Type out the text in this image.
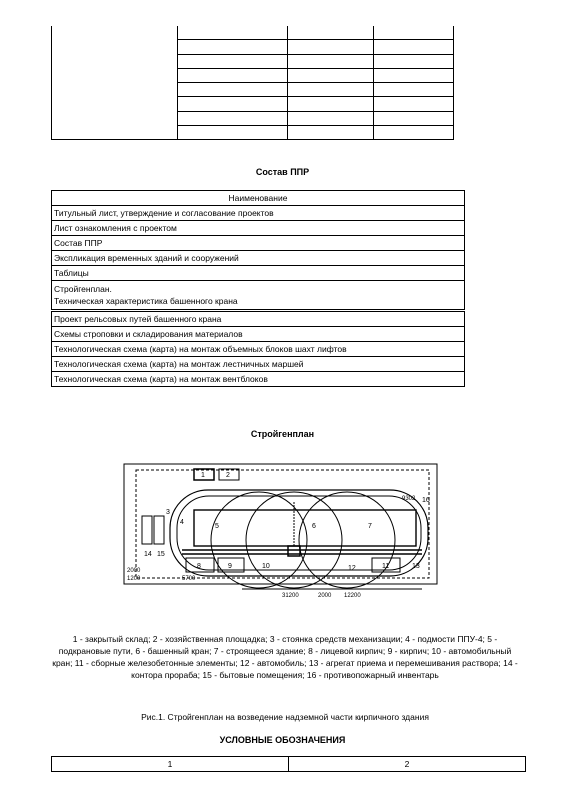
Состав ППР
Наименование
Титульный лист, утверждение и согласование проектов
Лист ознакомления с проектом
Состав ППР
Экспликация временных зданий и сооружений
Таблицы
Стройгенплан.
Техническая характеристика башенного крана
Проект рельсовых путей башенного крана
Схемы строповки и складирования материалов
Технологическая схема (карта) на монтаж объемных блоков шахт лифтов
Технологическая схема (карта) на монтаж лестничных маршей
Технологическая схема (карта) на монтаж вентблоков
Стройгенплан
1	2
3
4
5	6	7
8	9	10	11
12	13
14 15
16
31200	2000 12200
9302
5700
1200
2000
1 - закрытый склад; 2 - хозяйственная площадка; 3 - стоянка средств механизации; 4 - подмости ППУ-4; 5 - подкрановые пути, 6 - башенный кран; 7 - строящееся здание; 8 - лицевой кирпич; 9 - кирпич; 10 - автомобильный кран; 11 - сборные железобетонные элементы; 12 - автомобиль; 13 - агрегат приема и перемешивания раствора; 14 - контора прораба; 15 - бытовые помещения; 16 - противопожарный инвентарь
Рис.1. Стройгенплан на возведение надземной части кирпичного здания
УСЛОВНЫЕ ОБОЗНАЧЕНИЯ
1	2
